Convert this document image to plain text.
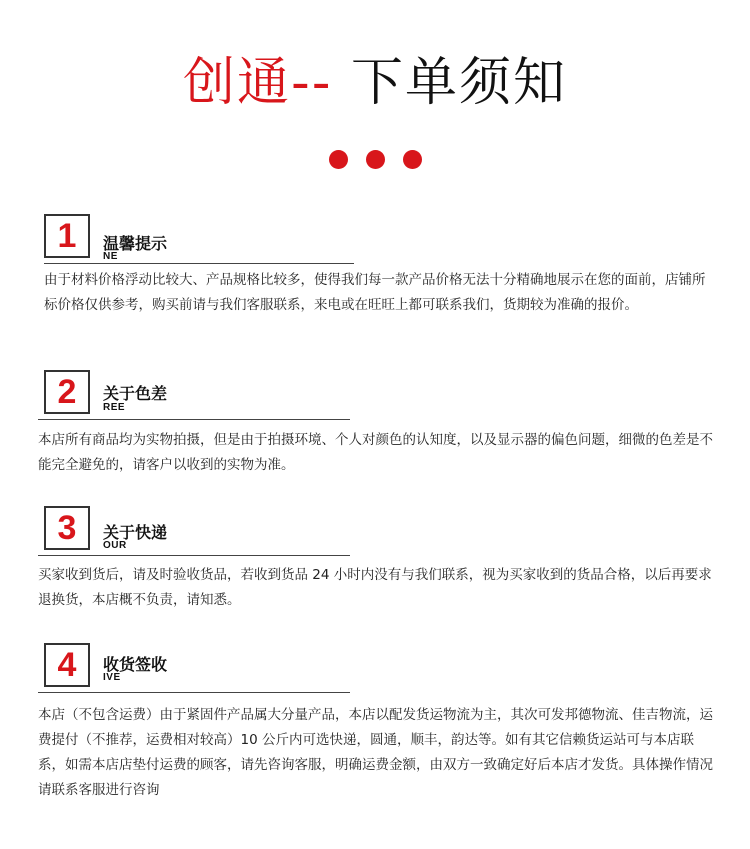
创通-- 下单须知
1	温馨提示
NE
由于材料价格浮动比较大、产品规格比较多，使得我们每一款产品价格无法十分精确地展示在您的面前，店铺所标价格仅供参考，购买前请与我们客服联系，来电或在旺旺上都可联系我们，货期较为准确的报价。
2	关于色差
REE
本店所有商品均为实物拍摄，但是由于拍摄环境、个人对颜色的认知度，以及显示器的偏色问题，细微的色差是不能完全避免的，请客户以收到的实物为准。
3	关于快递
OUR
买家收到货后，请及时验收货品，若收到货品 24 小时内没有与我们联系，视为买家收到的货品合格，以后再要求退换货，本店概不负责，请知悉。
4	收货签收
IVE
本店（不包含运费）由于紧固件产品属大分量产品，本店以配发货运物流为主，其次可发邦德物流、佳吉物流，运费提付（不推荐，运费相对较高）10 公斤内可选快递，圆通，顺丰，韵达等。如有其它信赖货运站可与本店联系，如需本店店垫付运费的顾客，请先咨询客服，明确运费金额，由双方一致确定好后本店才发货。具体操作情况请联系客服进行咨询
